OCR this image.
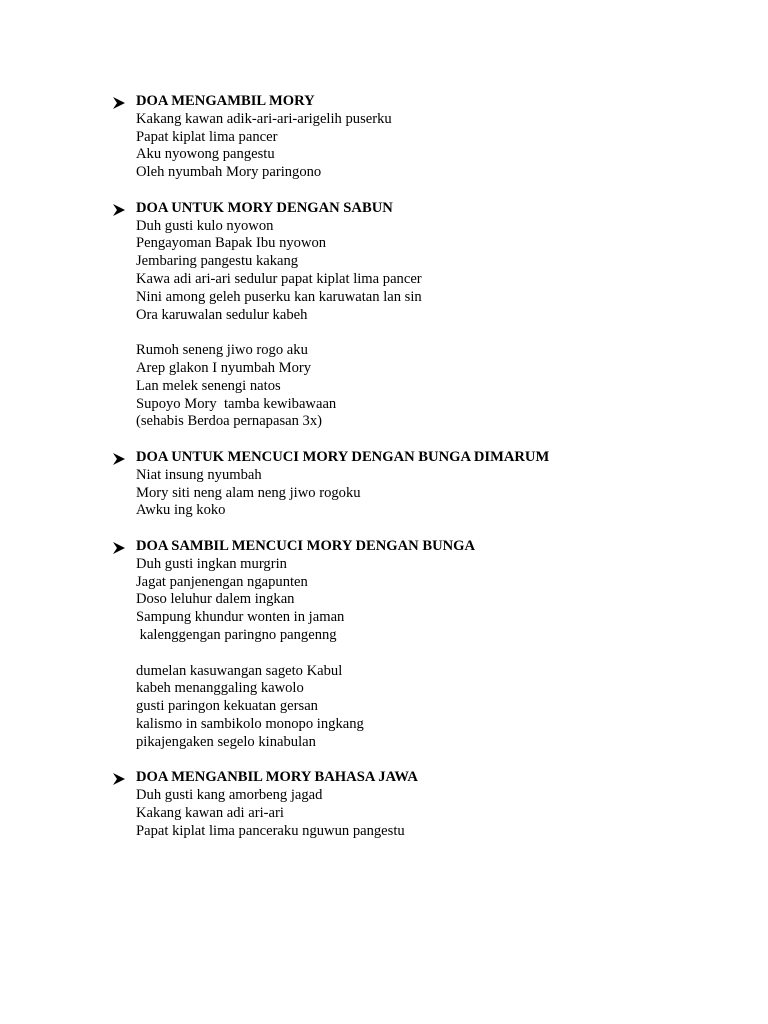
DOA MENGAMBIL MORY
Kakang kawan adik-ari-ari-arigelih puserku
Papat kiplat lima pancer
Aku nyowong pangestu
Oleh nyumbah Mory paringono
DOA UNTUK MORY DENGAN SABUN
Duh gusti kulo nyowon
Pengayoman Bapak Ibu nyowon
Jembaring pangestu kakang
Kawa adi ari-ari sedulur papat kiplat lima pancer
Nini among geleh puserku kan karuwatan lan sin
Ora karuwalan sedulur kabeh
Rumoh seneng jiwo rogo aku
Arep glakon I nyumbah Mory
Lan melek senengi natos
Supoyo Mory  tamba kewibawaan
(sehabis Berdoa pernapasan 3x)
DOA UNTUK MENCUCI MORY DENGAN BUNGA DIMARUM
Niat insung nyumbah
Mory siti neng alam neng jiwo rogoku
Awku ing koko
DOA SAMBIL MENCUCI MORY DENGAN BUNGA
Duh gusti ingkan murgrin
Jagat panjenengan ngapunten
Doso leluhur dalem ingkan
Sampung khundur wonten in jaman
kalenggengan paringno pangenng
dumelan kasuwangan sageto Kabul
kabeh menanggaling kawolo
gusti paringon kekuatan gersan
kalismo in sambikolo monopo ingkang
pikajengaken segelo kinabulan
DOA MENGANBIL MORY BAHASA JAWA
Duh gusti kang amorbeng jagad
Kakang kawan adi ari-ari
Papat kiplat lima panceraku nguwun pangestu
